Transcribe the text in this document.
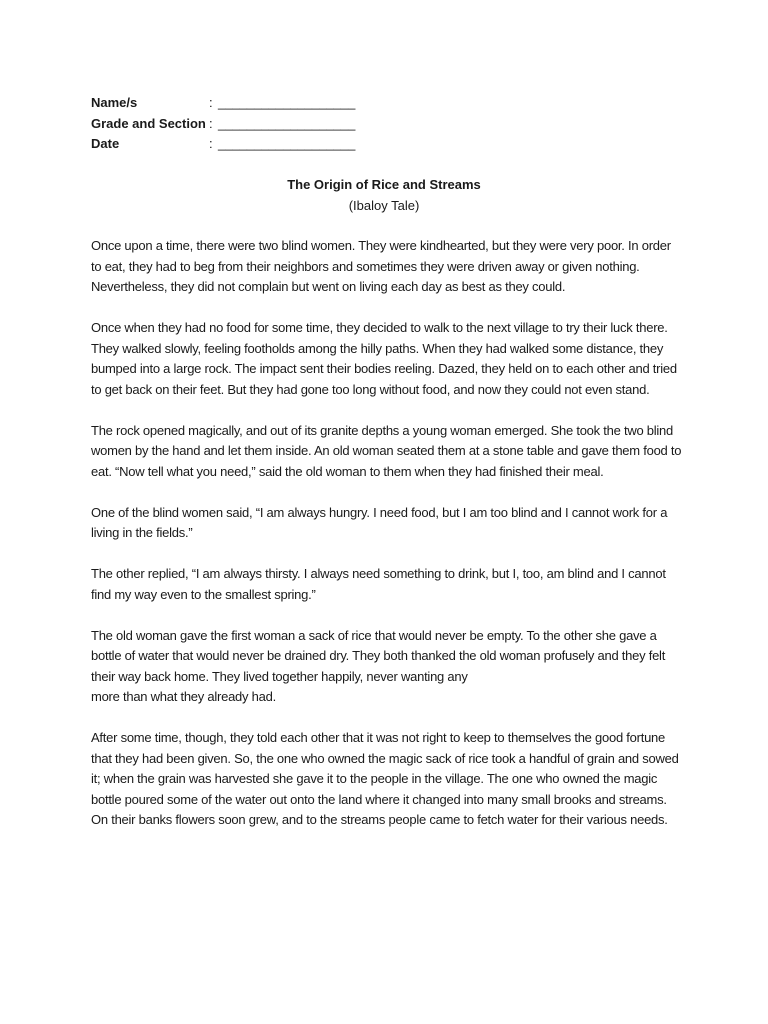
Name/s	:	___________________
Grade and Section	:	___________________
Date	:	___________________

The Origin of Rice and Streams

(Ibaloy Tale)

Once upon a time, there were two blind women. They were kindhearted, but they were very poor. In order
to eat, they had to beg from their neighbors and sometimes they were driven away or given nothing.
Nevertheless, they did not complain but went on living each day as best as they could.
Once when they had no food for some time, they decided to walk to the next village to try their luck there.
They walked slowly, feeling footholds among the hilly paths. When they had walked some distance, they
bumped into a large rock. The impact sent their bodies reeling. Dazed, they held on to each other and tried
to get back on their feet. But they had gone too long without food, and now they could not even stand.
The rock opened magically, and out of its granite depths a young woman emerged. She took the two blind
women by the hand and let them inside. An old woman seated them at a stone table and gave them food to
eat. “Now tell what you need,” said the old woman to them when they had finished their meal.
One of the blind women said, “I am always hungry. I need food, but I am too blind and I cannot work for a
living in the fields.”
The other replied, “I am always thirsty. I always need something to drink, but I, too, am blind and I cannot
find my way even to the smallest spring.”
The old woman gave the first woman a sack of rice that would never be empty. To the other she gave a
bottle of water that would never be drained dry. They both thanked the old woman profusely and they felt
their way back home. They lived together happily, never wanting any
more than what they already had.
After some time, though, they told each other that it was not right to keep to themselves the good fortune
that they had been given. So, the one who owned the magic sack of rice took a handful of grain and sowed
it; when the grain was harvested she gave it to the people in the village. The one who owned the magic
bottle poured some of the water out onto the land where it changed into many small brooks and streams.
On their banks flowers soon grew, and to the streams people came to fetch water for their various needs.
